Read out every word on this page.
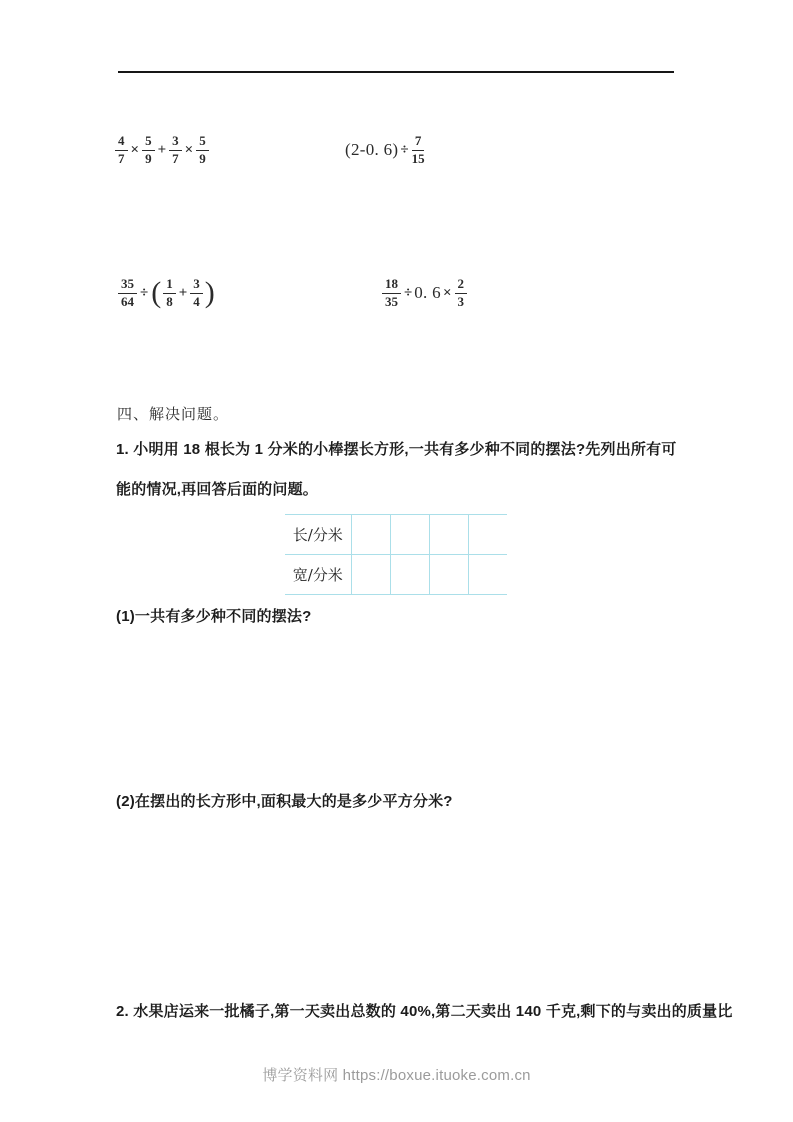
$\frac{4}{7} \times \frac{5}{9} + \frac{3}{7} \times \frac{5}{9}$	(2-0. $6) \div \frac{7}{15}$
$\frac{35}{64}$ ÷ ( $\frac{1}{8} + \frac{3}{4}$ )	$\frac{18}{35} \div 0$. $6 \times \frac{2}{3}$
四、解决问题。
1. 小明用 18 根长为 1 分米的小棒摆长方形,一共有多少种不同的摆法?先列出所有可能的情况,再回答后面的问题。
长/分米				
宽/分米				
(1)一共有多少种不同的摆法?
(2)在摆出的长方形中,面积最大的是多少平方分米?
2. 水果店运来一批橘子,第一天卖出总数的 40%,第二天卖出 140 千克,剩下的与卖出的质量比
博学资料网 https://boxue.ituoke.com.cn
